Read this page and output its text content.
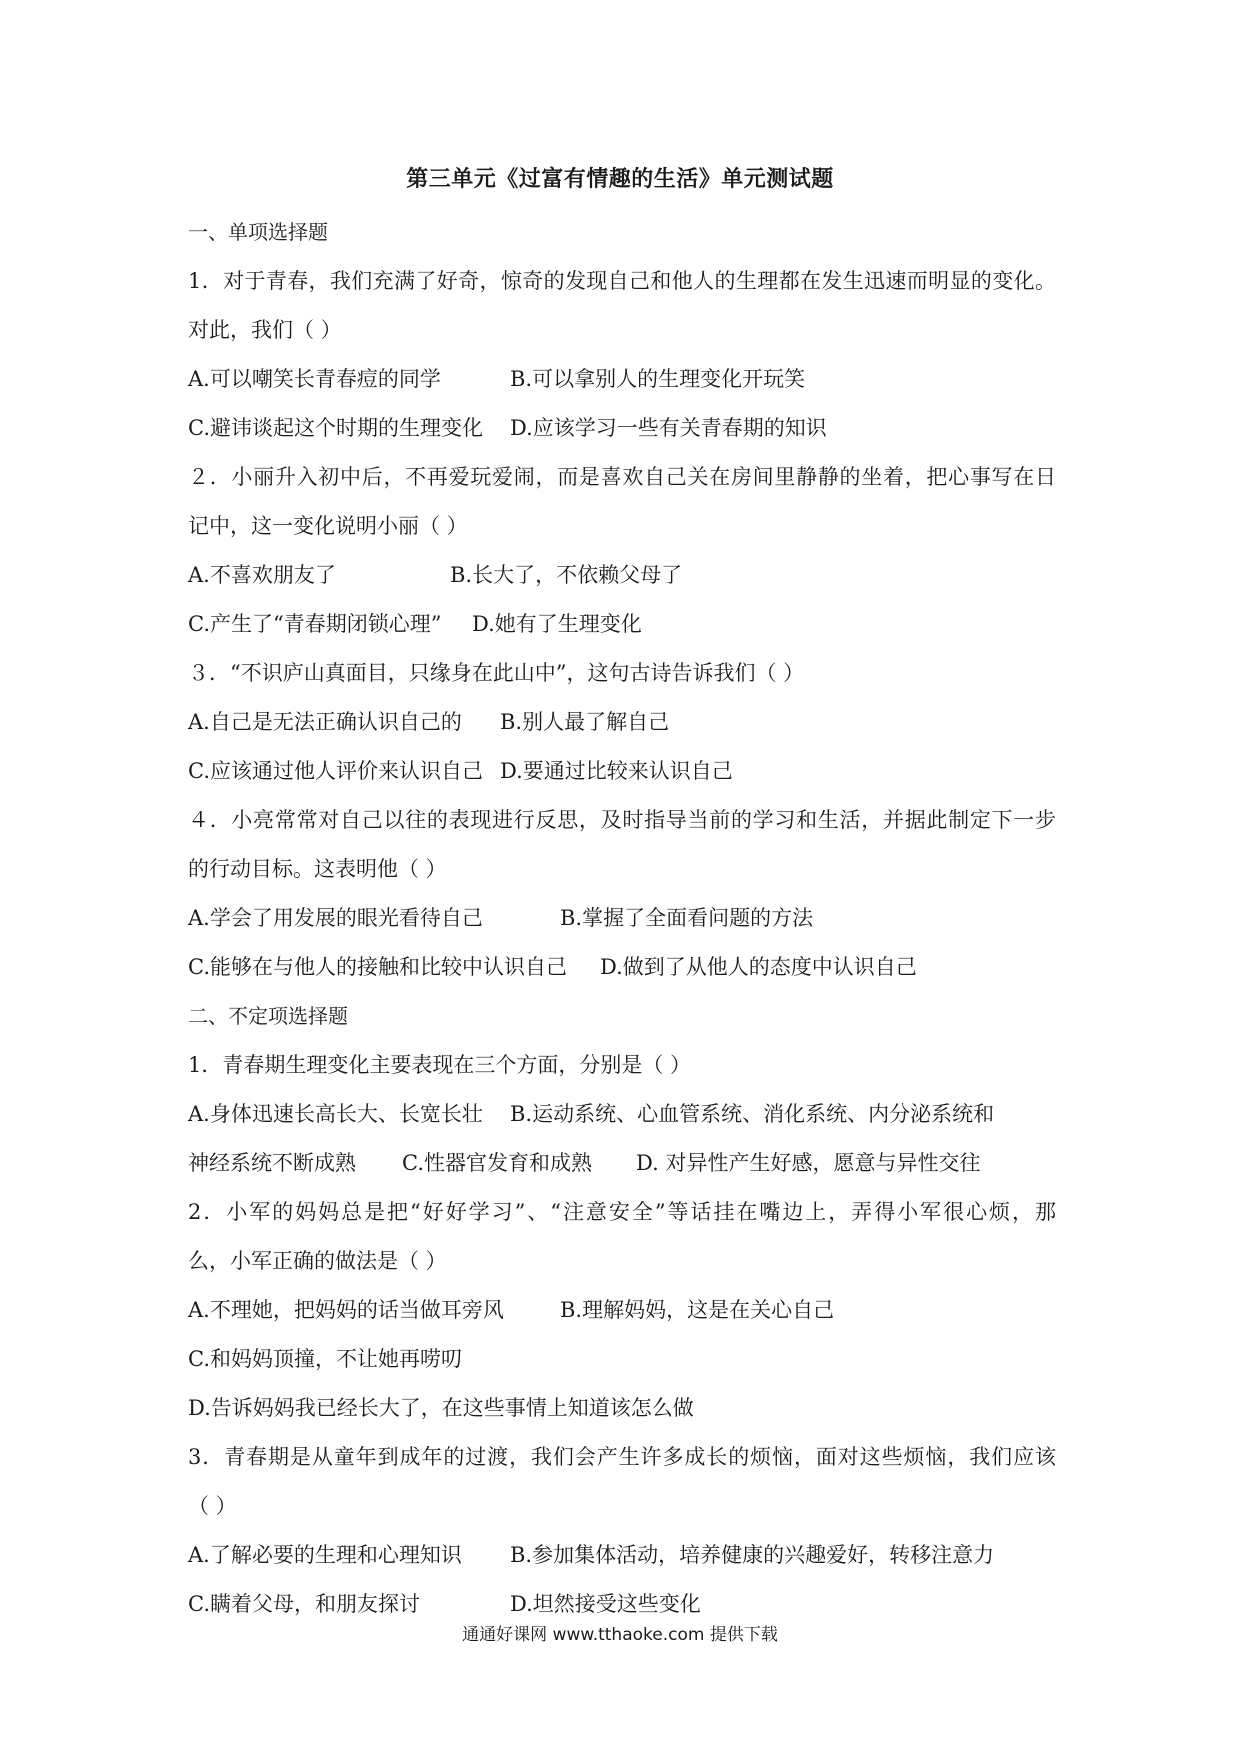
第三单元《过富有情趣的生活》单元测试题
一、单项选择题
1．对于青春，我们充满了好奇，惊奇的发现自己和他人的生理都在发生迅速而明显的变化。
对此，我们（ ）
A.可以嘲笑长青春痘的同学	B.可以拿别人的生理变化开玩笑
C.避讳谈起这个时期的生理变化	D.应该学习一些有关青春期的知识
２．小丽升入初中后，不再爱玩爱闹，而是喜欢自己关在房间里静静的坐着，把心事写在日
记中，这一变化说明小丽（ ）
A.不喜欢朋友了	B.长大了，不依赖父母了
C.产生了“青春期闭锁心理”	D.她有了生理变化
３．“不识庐山真面目，只缘身在此山中”，这句古诗告诉我们（ ）
A.自己是无法正确认识自己的	B.别人最了解自己
C.应该通过他人评价来认识自己 D.要通过比较来认识自己
４．小亮常常对自己以往的表现进行反思，及时指导当前的学习和生活，并据此制定下一步
的行动目标。这表明他（ ）
A.学会了用发展的眼光看待自己	B.掌握了全面看问题的方法
C.能够在与他人的接触和比较中认识自己	D.做到了从他人的态度中认识自己
二、不定项选择题
1．青春期生理变化主要表现在三个方面，分别是（ ）
A.身体迅速长高长大、长宽长壮	B.运动系统、心血管系统、消化系统、内分泌系统和
神经系统不断成熟	C.性器官发育和成熟	D. 对异性产生好感，愿意与异性交往
2．小军的妈妈总是把“好好学习”、“注意安全”等话挂在嘴边上，弄得小军很心烦，那
么，小军正确的做法是（ ）
A.不理她，把妈妈的话当做耳旁风	B.理解妈妈，这是在关心自己
C.和妈妈顶撞，不让她再唠叨
D.告诉妈妈我已经长大了，在这些事情上知道该怎么做
3．青春期是从童年到成年的过渡，我们会产生许多成长的烦恼，面对这些烦恼，我们应该
（ ）
A.了解必要的生理和心理知识	B.参加集体活动，培养健康的兴趣爱好，转移注意力
C.瞒着父母，和朋友探讨	D.坦然接受这些变化
通通好课网 www.tthaoke.com 提供下载
